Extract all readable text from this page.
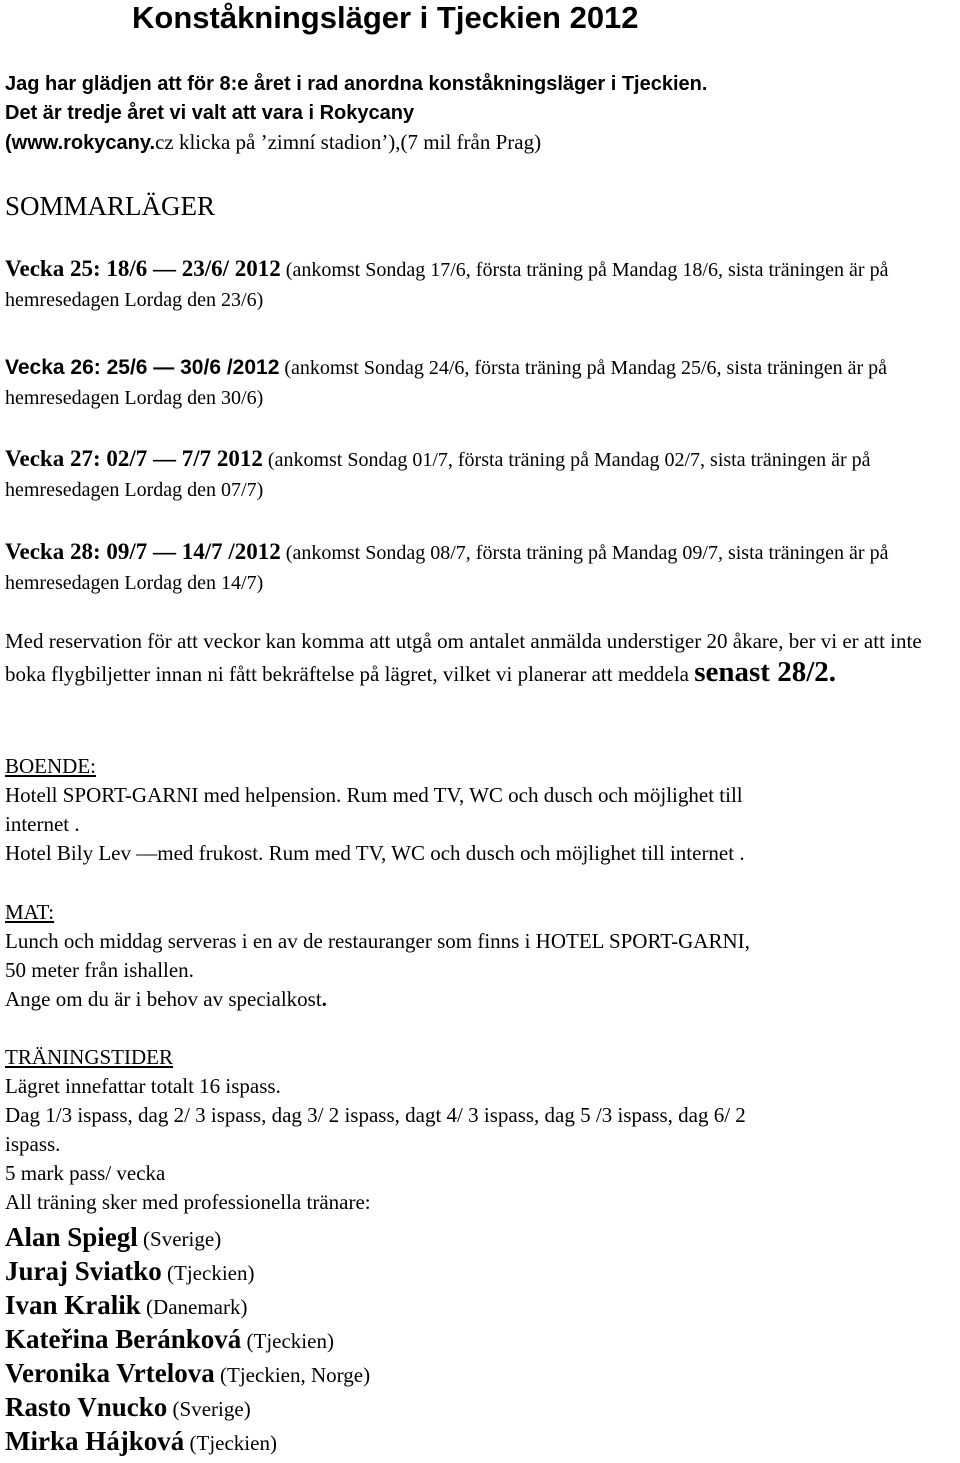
Konståkningsläger i Tjeckien 2012
Jag har glädjen att för 8:e året i rad anordna konståkningsläger i Tjeckien.
Det är tredje året vi valt att vara i Rokycany
(www.rokycany.cz klicka på ’zimní stadion’),(7 mil från Prag)
SOMMARLÄGER
Vecka 25: 18/6 — 23/6/ 2012 (ankomst Sondag 17/6, första träning på Mandag 18/6, sista träningen är på hemresedagen Lordag den 23/6)
Vecka 26: 25/6 — 30/6 /2012 (ankomst Sondag 24/6, första träning på Mandag 25/6, sista träningen är på hemresedagen Lordag den 30/6)
Vecka 27: 02/7 — 7/7 2012 (ankomst Sondag 01/7, första träning på Mandag 02/7, sista träningen är på hemresedagen Lordag den 07/7)
Vecka 28: 09/7 — 14/7 /2012 (ankomst Sondag 08/7, första träning på Mandag 09/7, sista träningen är på hemresedagen Lordag den 14/7)
Med reservation för att veckor kan komma att utgå om antalet anmälda understiger 20 åkare, ber vi er att inte boka flygbiljetter innan ni fått bekräftelse på lägret, vilket vi planerar att meddela senast 28/2.
BOENDE:
Hotell SPORT-GARNI med helpension. Rum med TV, WC och dusch och möjlighet till
internet .
Hotel Bily Lev —med frukost. Rum med TV, WC och dusch och möjlighet till internet .
MAT:
Lunch och middag serveras i en av de restauranger som finns i HOTEL SPORT-GARNI,
50 meter från ishallen.
Ange om du är i behov av specialkost.
TRÄNINGSTIDER
Lägret innefattar totalt 16 ispass.
Dag 1/3 ispass, dag 2/ 3 ispass, dag 3/ 2 ispass, dagt 4/ 3 ispass, dag 5 /3 ispass, dag 6/ 2
ispass.
5 mark pass/ vecka
All träning sker med professionella tränare:
Alan Spiegl (Sverige)
Juraj Sviatko (Tjeckien)
Ivan Kralik (Danemark)
Kateřina Beránková (Tjeckien)
Veronika Vrtelova (Tjeckien, Norge)
Rasto Vnucko (Sverige)
Mirka Hájková (Tjeckien)
